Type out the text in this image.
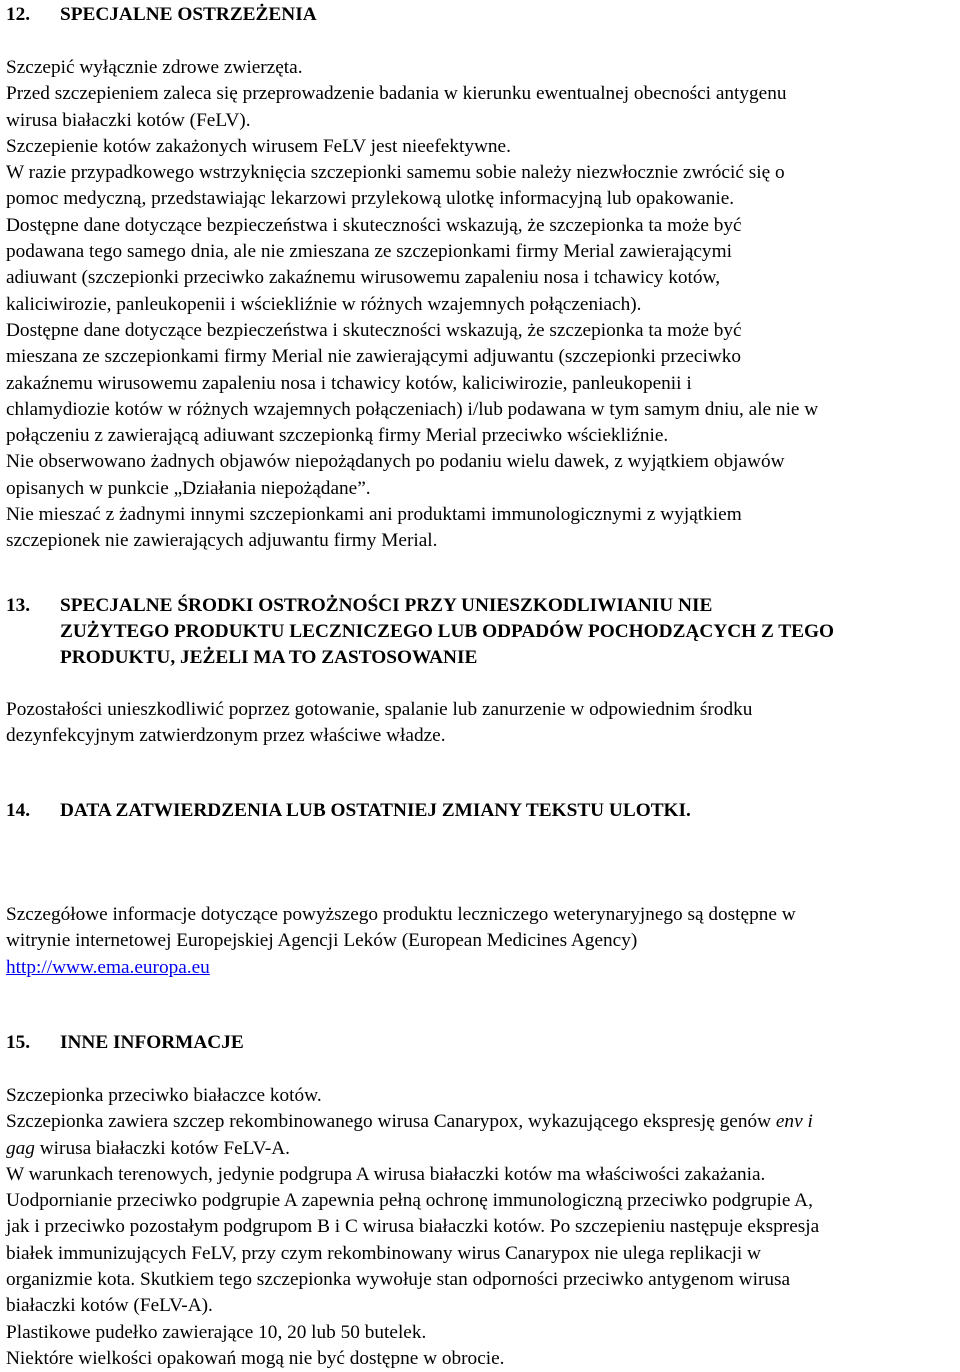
12. SPECJALNE OSTRZEŻENIA

Szczepić wyłącznie zdrowe zwierzęta.

Przed szczepieniem zaleca się przeprowadzenie badania w kierunku ewentualnej obecności antygenu

wirusa białaczki kotów (FeLV).

Szczepienie kotów zakażonych wirusem FeLV jest nieefektywne.

W razie przypadkowego wstrzyknięcia szczepionki samemu sobie należy niezwłocznie zwrócić się o

pomoc medyczną, przedstawiając lekarzowi przylekową ulotkę informacyjną lub opakowanie.

Dostępne dane dotyczące bezpieczeństwa i skuteczności wskazują, że szczepionka ta może być

podawana tego samego dnia, ale nie zmieszana ze szczepionkami firmy Merial zawierającymi

adiuwant (szczepionki przeciwko zakaźnemu wirusowemu zapaleniu nosa i tchawicy kotów,

kaliciwirozie, panleukopenii i wściekliźnie w różnych wzajemnych połączeniach).

Dostępne dane dotyczące bezpieczeństwa i skuteczności wskazują, że szczepionka ta może być

mieszana ze szczepionkami firmy Merial nie zawierającymi adjuwantu (szczepionki przeciwko

zakaźnemu wirusowemu zapaleniu nosa i tchawicy kotów, kaliciwirozie, panleukopenii i

chlamydiozie kotów w różnych wzajemnych połączeniach) i/lub podawana w tym samym dniu, ale nie w

połączeniu z zawierającą adiuwant szczepionką firmy Merial przeciwko wściekliźnie.

Nie obserwowano żadnych objawów niepożądanych po podaniu wielu dawek, z wyjątkiem objawów

opisanych w punkcie „Działania niepożądane”.

Nie mieszać z żadnymi innymi szczepionkami ani produktami immunologicznymi z wyjątkiem

szczepionek nie zawierających adjuwantu firmy Merial.

13. SPECJALNE ŚRODKI OSTROŻNOŚCI PRZY UNIESZKODLIWIANIU NIE
ZUŻYTEGO PRODUKTU LECZNICZEGO LUB ODPADÓW POCHODZĄCYCH Z TEGO
PRODUKTU, JEŻELI MA TO ZASTOSOWANIE

Pozostałości unieszkodliwić poprzez gotowanie, spalanie lub zanurzenie w odpowiednim środku

dezynfekcyjnym zatwierdzonym przez właściwe władze.

14. DATA ZATWIERDZENIA LUB OSTATNIEJ ZMIANY TEKSTU ULOTKI.

Szczegółowe informacje dotyczące powyższego produktu leczniczego weterynaryjnego są dostępne w

witrynie internetowej Europejskiej Agencji Leków (European Medicines Agency)

http://www.ema.europa.eu

15. INNE INFORMACJE

Szczepionka przeciwko białaczce kotów.

Szczepionka zawiera szczep rekombinowanego wirusa Canarypox, wykazującego ekspresję genów env i

gag wirusa białaczki kotów FeLV-A.

W warunkach terenowych, jedynie podgrupa A wirusa białaczki kotów ma właściwości zakażania.

Uodpornianie przeciwko podgrupie A zapewnia pełną ochronę immunologiczną przeciwko podgrupie A,

jak i przeciwko pozostałym podgrupom B i C wirusa białaczki kotów. Po szczepieniu następuje ekspresja

białek immunizujących FeLV, przy czym rekombinowany wirus Canarypox nie ulega replikacji w

organizmie kota. Skutkiem tego szczepionka wywołuje stan odporności przeciwko antygenom wirusa

białaczki kotów (FeLV-A).

Plastikowe pudełko zawierające 10, 20 lub 50 butelek.

Niektóre wielkości opakowań mogą nie być dostępne w obrocie.
